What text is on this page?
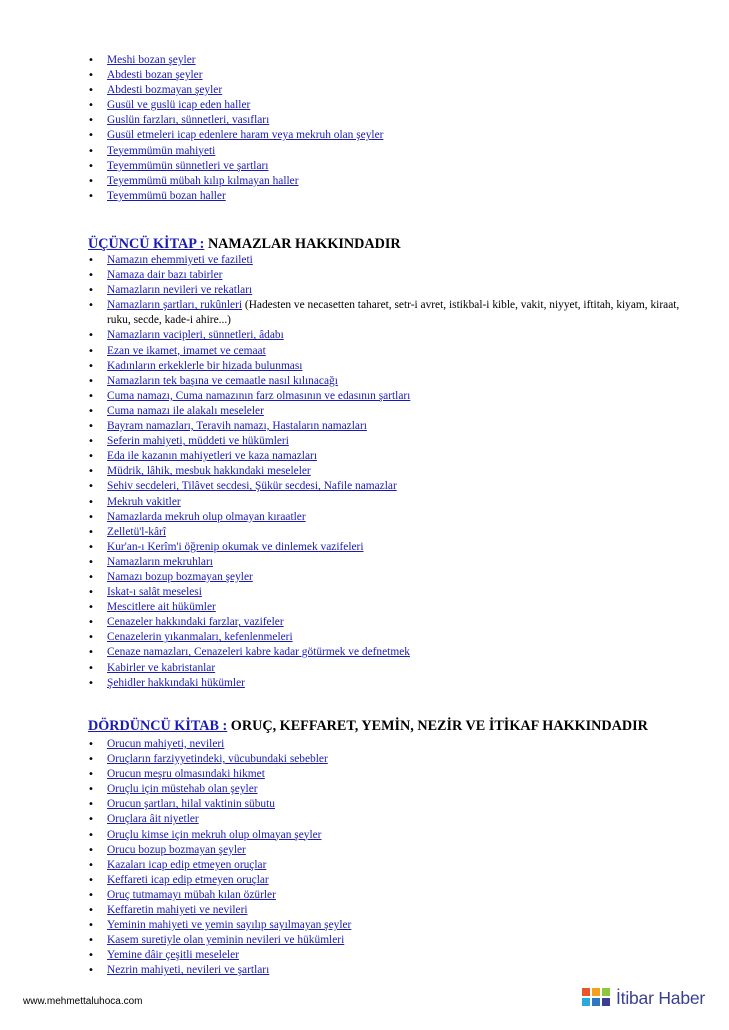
• Meshi bozan şeyler
• Abdesti bozan şeyler
• Abdesti bozmayan şeyler
• Gusül ve guslü icap eden haller
• Guslün farzları, sünnetleri, vasıfları
• Gusül etmeleri icap edenlere haram veya mekruh olan şeyler
• Teyemmümün mahiyeti
• Teyemmümün sünnetleri ve şartları
• Teyemmümü mübah kılıp kılmayan haller
• Teyemmümü bozan haller
ÜÇÜNCÜ KİTAP : NAMAZLAR HAKKINDADIR
• Namazın ehemmiyeti ve fazileti
• Namaza dair bazı tabirler
• Namazların nevileri ve rekatları
• Namazların şartları, rukûnleri (Hadesten ve necasetten taharet, setr-i avret, istikbal-i kible, vakit, niyyet, iftitah, kiyam, kiraat, ruku, secde, kade-i ahire...)
• Namazların vacipleri, sünnetleri, âdabı
• Ezan ve ikamet, imamet ve cemaat
• Kadınların erkeklerle bir hizada bulunması
• Namazların tek başına ve cemaatle nasıl kılınacağı
• Cuma namazı, Cuma namazının farz olmasının ve edasının şartları
• Cuma namazı ile alakalı meseleler
• Bayram namazları, Teravih namazı, Hastaların namazları
• Seferin mahiyeti, müddeti ve hükümleri
• Eda ile kazanın mahiyetleri ve kaza namazları
• Müdrik, lâhik, mesbuk hakkındaki meseleler
• Sehiv secdeleri, Tilâvet secdesi, Şükür secdesi, Nafile namazlar
• Mekruh vakitler
• Namazlarda mekruh olup olmayan kıraatler
• Zelletü'l-kârî
• Kur'an-ı Kerîm'i öğrenip okumak ve dinlemek vazifeleri
• Namazların mekruhları
• Namazı bozup bozmayan şeyler
• Iskat-ı salât meselesi
• Mescitlere ait hükümler
• Cenazeler hakkındaki farzlar, vazifeler
• Cenazelerin yıkanmaları, kefenlenmeleri
• Cenaze namazları, Cenazeleri kabre kadar götürmek ve defnetmek
• Kabirler ve kabristanlar
• Şehidler hakkındaki hükümler
DÖRDÜNCÜ KİTAB : ORUÇ, KEFFARET, YEMİN, NEZİR VE İTİKAF HAKKINDADIR
• Orucun mahiyeti, nevileri
• Oruçların farziyyetindeki, vücubundaki sebebler
• Orucun meşru olmasındaki hikmet
• Oruçlu için müstehab olan şeyler
• Orucun şartları, hilal vaktinin sübutu
• Oruçlara âit niyetler
• Oruçlu kimse için mekruh olup olmayan şeyler
• Orucu bozup bozmayan şeyler
• Kazaları icap edip etmeyen oruçlar
• Keffareti icap edip etmeyen oruçlar
• Oruç tutmamayı mübah kılan özürler
• Keffaretin mahiyeti ve nevileri
• Yeminin mahiyeti ve yemin sayılıp sayılmayan şeyler
• Kasem suretiyle olan yeminin nevileri ve hükümleri
• Yemine dâir çeşitli meseleler
• Nezrin mahiyeti, nevileri ve şartları
www.mehmettaluhoca.com	İtibar Haber
